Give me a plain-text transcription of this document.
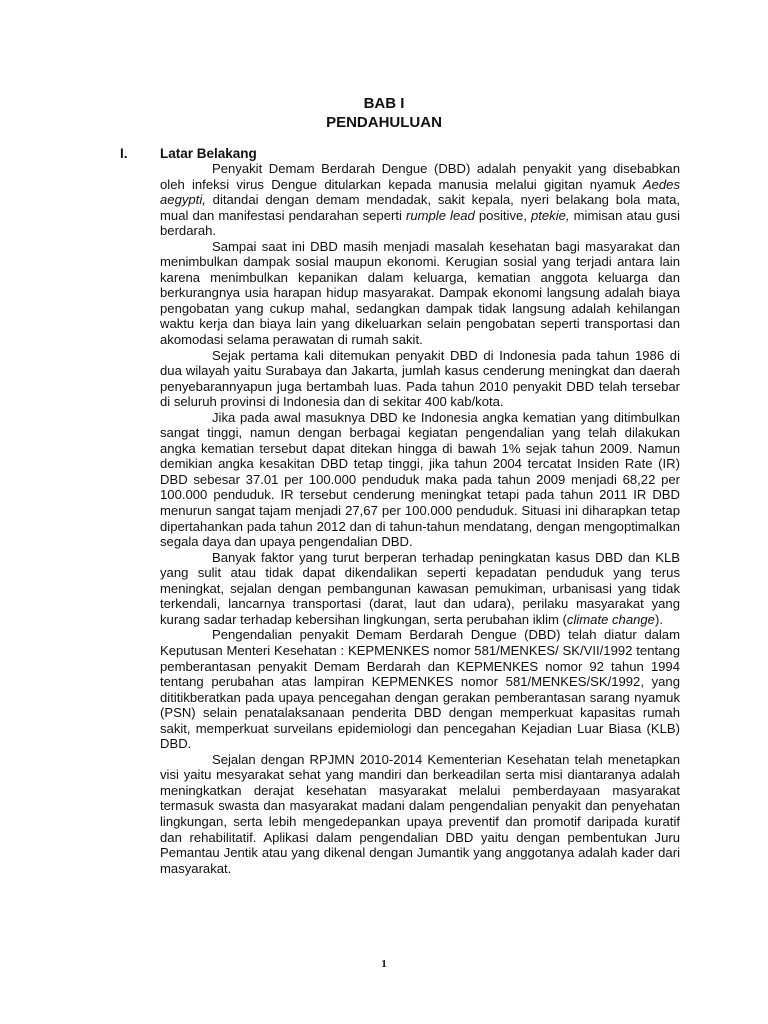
BAB I
PENDAHULUAN
I. Latar Belakang

Penyakit Demam Berdarah Dengue (DBD) adalah penyakit yang disebabkan oleh infeksi virus Dengue ditularkan kepada manusia melalui gigitan nyamuk Aedes aegypti, ditandai dengan demam mendadak, sakit kepala, nyeri belakang bola mata, mual dan manifestasi pendarahan seperti rumple lead positive, ptekie, mimisan atau gusi berdarah.

Sampai saat ini DBD masih menjadi masalah kesehatan bagi masyarakat dan menimbulkan dampak sosial maupun ekonomi. Kerugian sosial yang terjadi antara lain karena menimbulkan kepanikan dalam keluarga, kematian anggota keluarga dan berkurangnya usia harapan hidup masyarakat. Dampak ekonomi langsung adalah biaya pengobatan yang cukup mahal, sedangkan dampak tidak langsung adalah kehilangan waktu kerja dan biaya lain yang dikeluarkan selain pengobatan seperti transportasi dan akomodasi selama perawatan di rumah sakit.

Sejak pertama kali ditemukan penyakit DBD di Indonesia pada tahun 1986 di dua wilayah yaitu Surabaya dan Jakarta, jumlah kasus cenderung meningkat dan daerah penyebarannyapun juga bertambah luas. Pada tahun 2010 penyakit DBD telah tersebar di seluruh provinsi di Indonesia dan di sekitar 400 kab/kota.

Jika pada awal masuknya DBD ke Indonesia angka kematian yang ditimbulkan sangat tinggi, namun dengan berbagai kegiatan pengendalian yang telah dilakukan angka kematian tersebut dapat ditekan hingga di bawah 1% sejak tahun 2009. Namun demikian angka kesakitan DBD tetap tinggi, jika tahun 2004 tercatat Insiden Rate (IR) DBD sebesar 37.01 per 100.000 penduduk maka pada tahun 2009 menjadi 68,22 per 100.000 penduduk. IR tersebut cenderung meningkat tetapi pada tahun 2011 IR DBD menurun sangat tajam menjadi 27,67 per 100.000 penduduk. Situasi ini diharapkan tetap dipertahankan pada tahun 2012 dan di tahun-tahun mendatang, dengan mengoptimalkan segala daya dan upaya pengendalian DBD.

Banyak faktor yang turut berperan terhadap peningkatan kasus DBD dan KLB yang sulit atau tidak dapat dikendalikan seperti kepadatan penduduk yang terus meningkat, sejalan dengan pembangunan kawasan pemukiman, urbanisasi yang tidak terkendali, lancarnya transportasi (darat, laut dan udara), perilaku masyarakat yang kurang sadar terhadap kebersihan lingkungan, serta perubahan iklim (climate change).

Pengendalian penyakit Demam Berdarah Dengue (DBD) telah diatur dalam Keputusan Menteri Kesehatan : KEPMENKES nomor 581/MENKES/ SK/VII/1992 tentang pemberantasan penyakit Demam Berdarah dan KEPMENKES nomor 92 tahun 1994 tentang perubahan atas lampiran KEPMENKES nomor 581/MENKES/SK/1992, yang dititikberatkan pada upaya pencegahan dengan gerakan pemberantasan sarang nyamuk (PSN) selain penatalaksanaan penderita DBD dengan memperkuat kapasitas rumah sakit, memperkuat surveilans epidemiologi dan pencegahan Kejadian Luar Biasa (KLB) DBD.

Sejalan dengan RPJMN 2010-2014 Kementerian Kesehatan telah menetapkan visi yaitu mesyarakat sehat yang mandiri dan berkeadilan serta misi diantaranya adalah meningkatkan derajat kesehatan masyarakat melalui pemberdayaan masyarakat termasuk swasta dan masyarakat madani dalam pengendalian penyakit dan penyehatan lingkungan, serta lebih mengedepankan upaya preventif dan promotif daripada kuratif dan rehabilitatif. Aplikasi dalam pengendalian DBD yaitu dengan pembentukan Juru Pemantau Jentik atau yang dikenal dengan Jumantik yang anggotanya adalah kader dari masyarakat.

1
